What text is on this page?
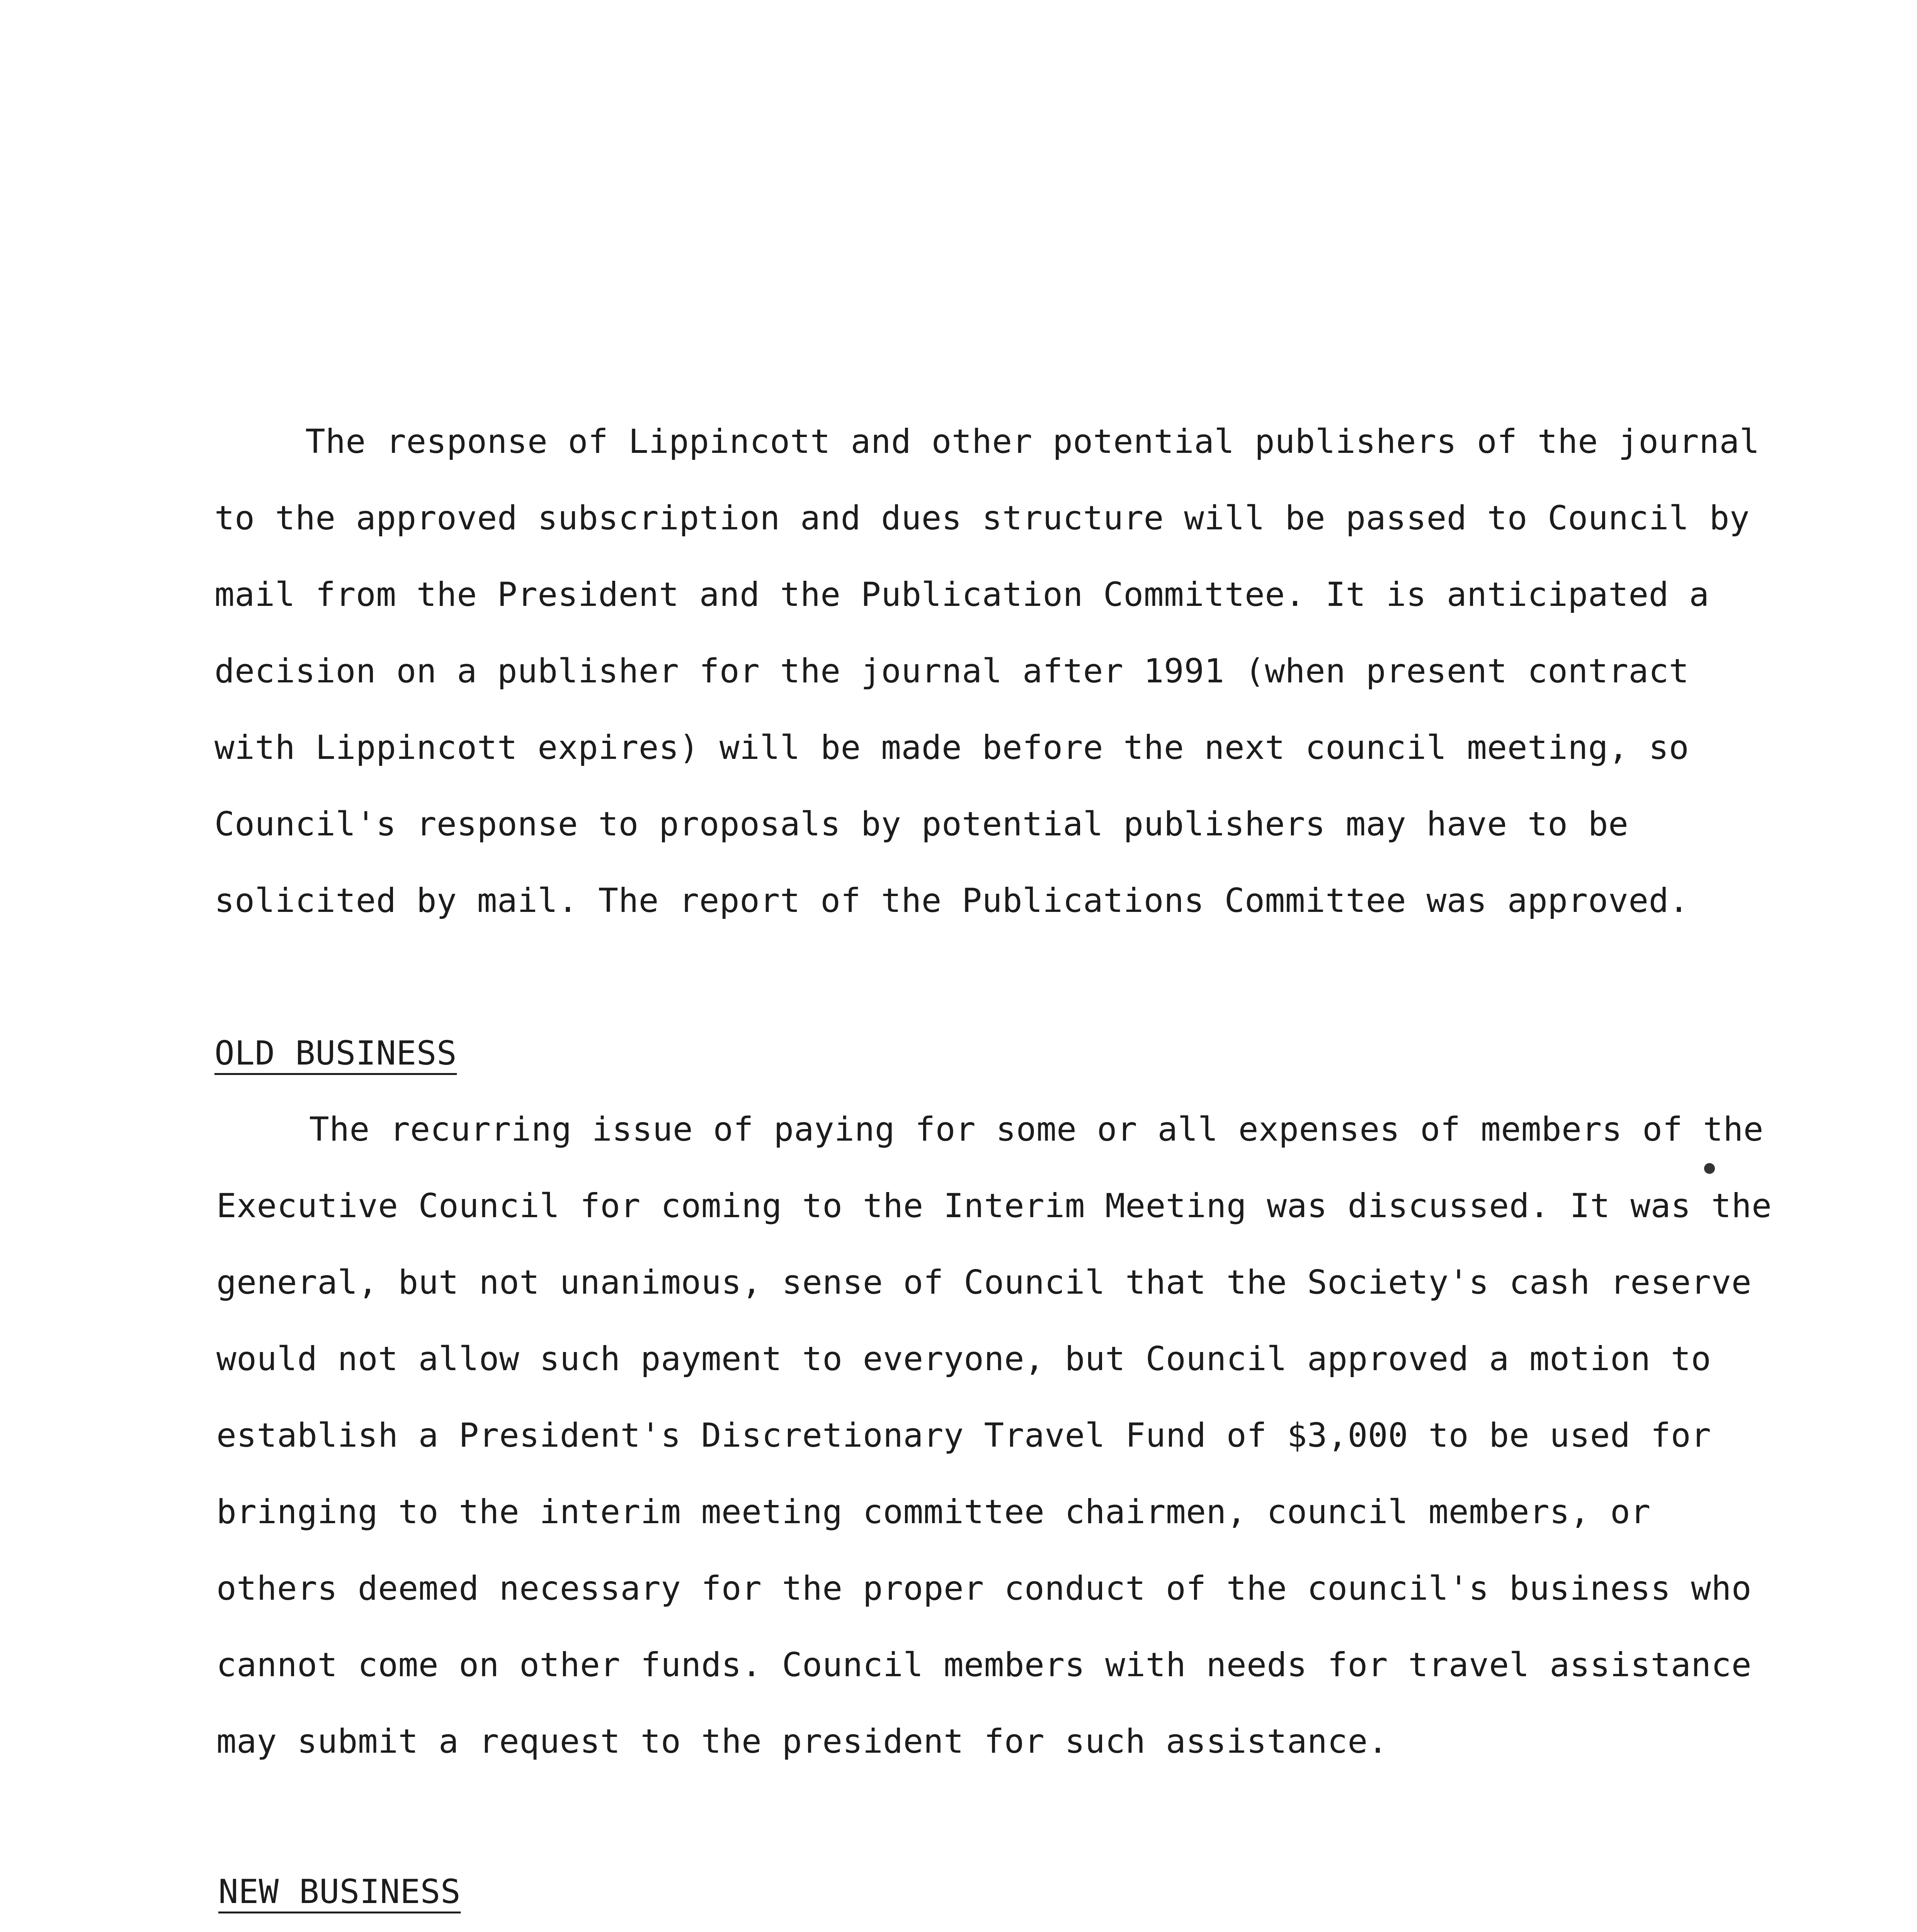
The response of Lippincott and other potential publishers of the journal
to the approved subscription and dues structure will be passed to Council by
mail from the President and the Publication Committee. It is anticipated a
decision on a publisher for the journal after 1991 (when present contract
with Lippincott expires) will be made before the next council meeting, so
Council's response to proposals by potential publishers may have to be
solicited by mail. The report of the Publications Committee was approved.
OLD BUSINESS
The recurring issue of paying for some or all expenses of members of the
Executive Council for coming to the Interim Meeting was discussed. It was the
general, but not unanimous, sense of Council that the Society's cash reserve
would not allow such payment to everyone, but Council approved a motion to
establish a President's Discretionary Travel Fund of $3,000 to be used for
bringing to the interim meeting committee chairmen, council members, or
others deemed necessary for the proper conduct of the council's business who
cannot come on other funds. Council members with needs for travel assistance
may submit a request to the president for such assistance.
NEW BUSINESS
